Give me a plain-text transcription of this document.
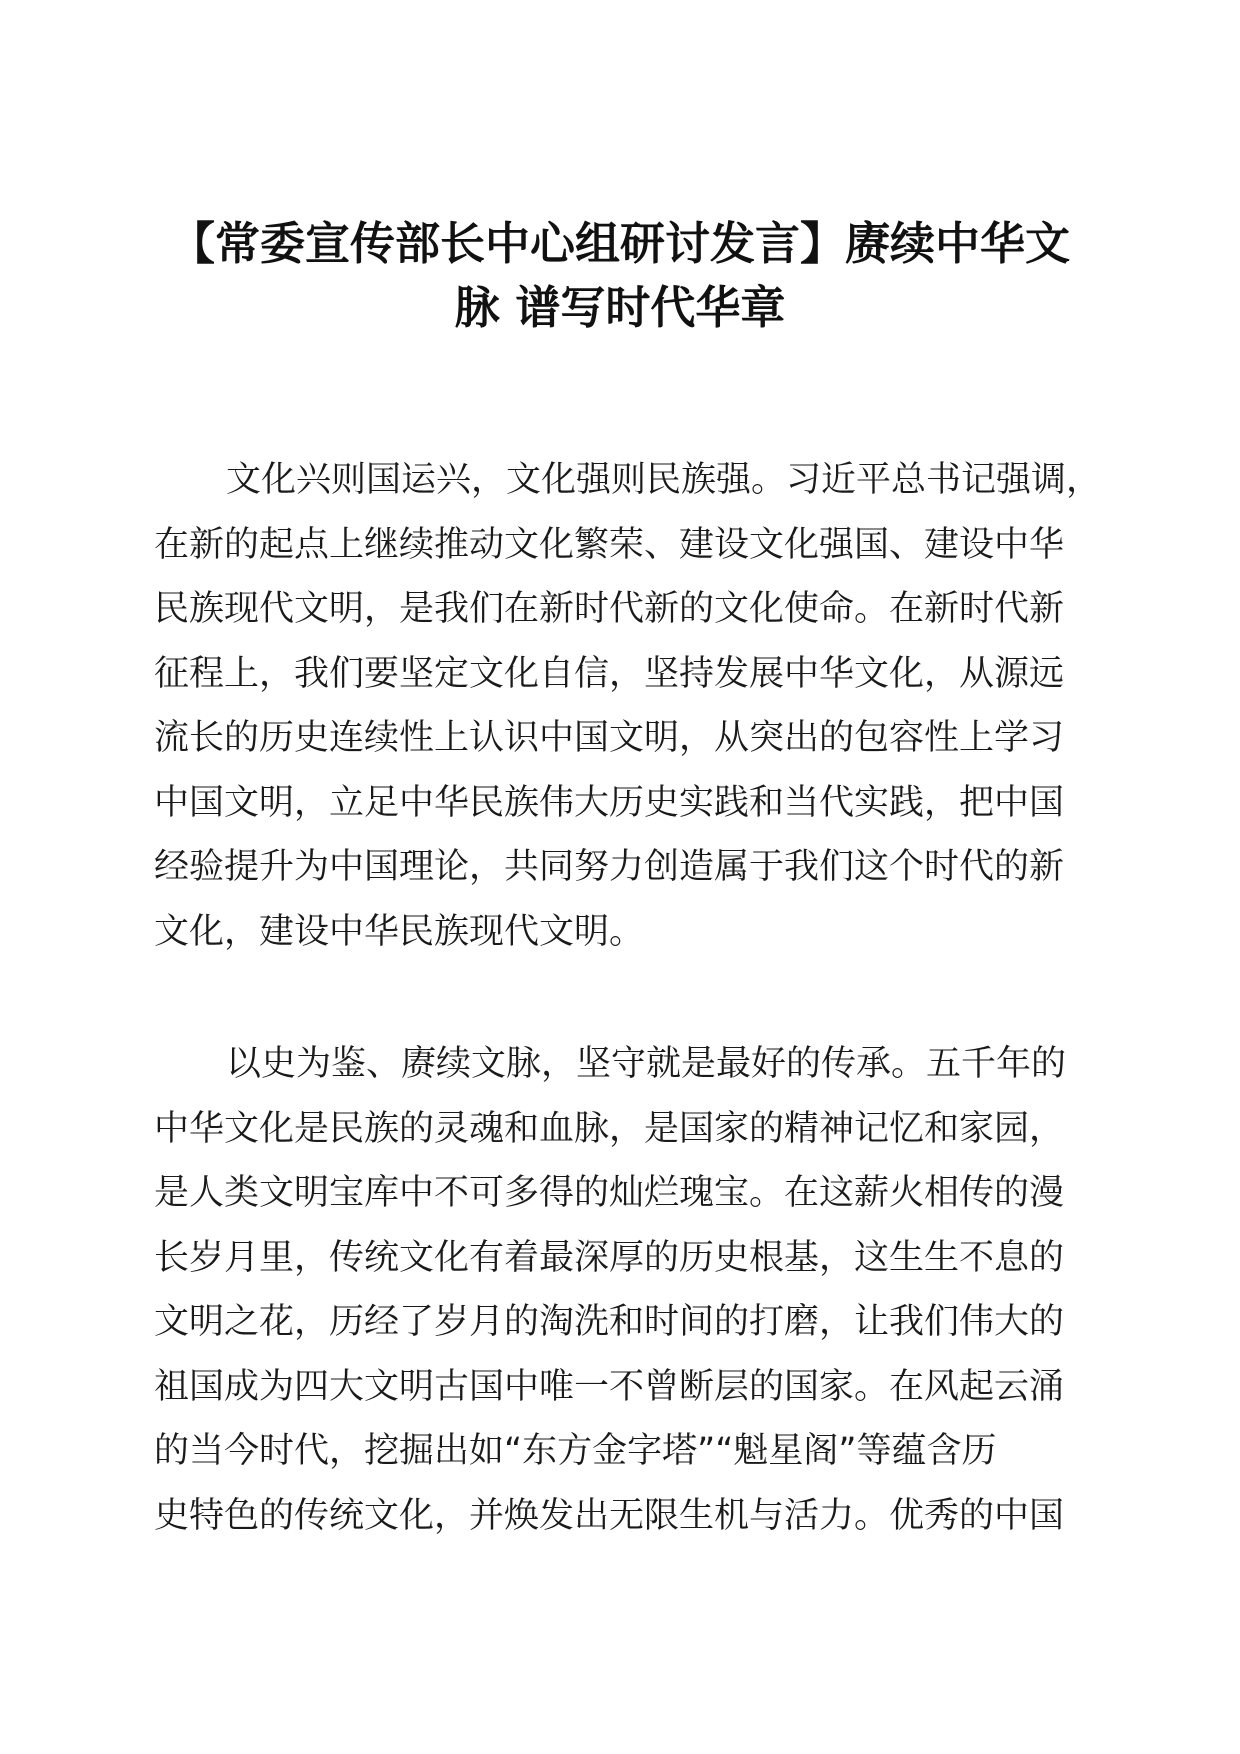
【常委宣传部长中心组研讨发言】赓续中华文
脉 谱写时代华章
文化兴则国运兴，文化强则民族强。习近平总书记强调，
在新的起点上继续推动文化繁荣、建设文化强国、建设中华
民族现代文明，是我们在新时代新的文化使命。在新时代新
征程上，我们要坚定文化自信，坚持发展中华文化，从源远
流长的历史连续性上认识中国文明，从突出的包容性上学习
中国文明，立足中华民族伟大历史实践和当代实践，把中国
经验提升为中国理论，共同努力创造属于我们这个时代的新
文化，建设中华民族现代文明。
以史为鉴、赓续文脉，坚守就是最好的传承。五千年的
中华文化是民族的灵魂和血脉，是国家的精神记忆和家园，
是人类文明宝库中不可多得的灿烂瑰宝。在这薪火相传的漫
长岁月里，传统文化有着最深厚的历史根基，这生生不息的
文明之花，历经了岁月的淘洗和时间的打磨，让我们伟大的
祖国成为四大文明古国中唯一不曾断层的国家。在风起云涌
的当今时代，挖掘出如“东方金字塔”“魁星阁”等蕴含历
史特色的传统文化，并焕发出无限生机与活力。优秀的中国
